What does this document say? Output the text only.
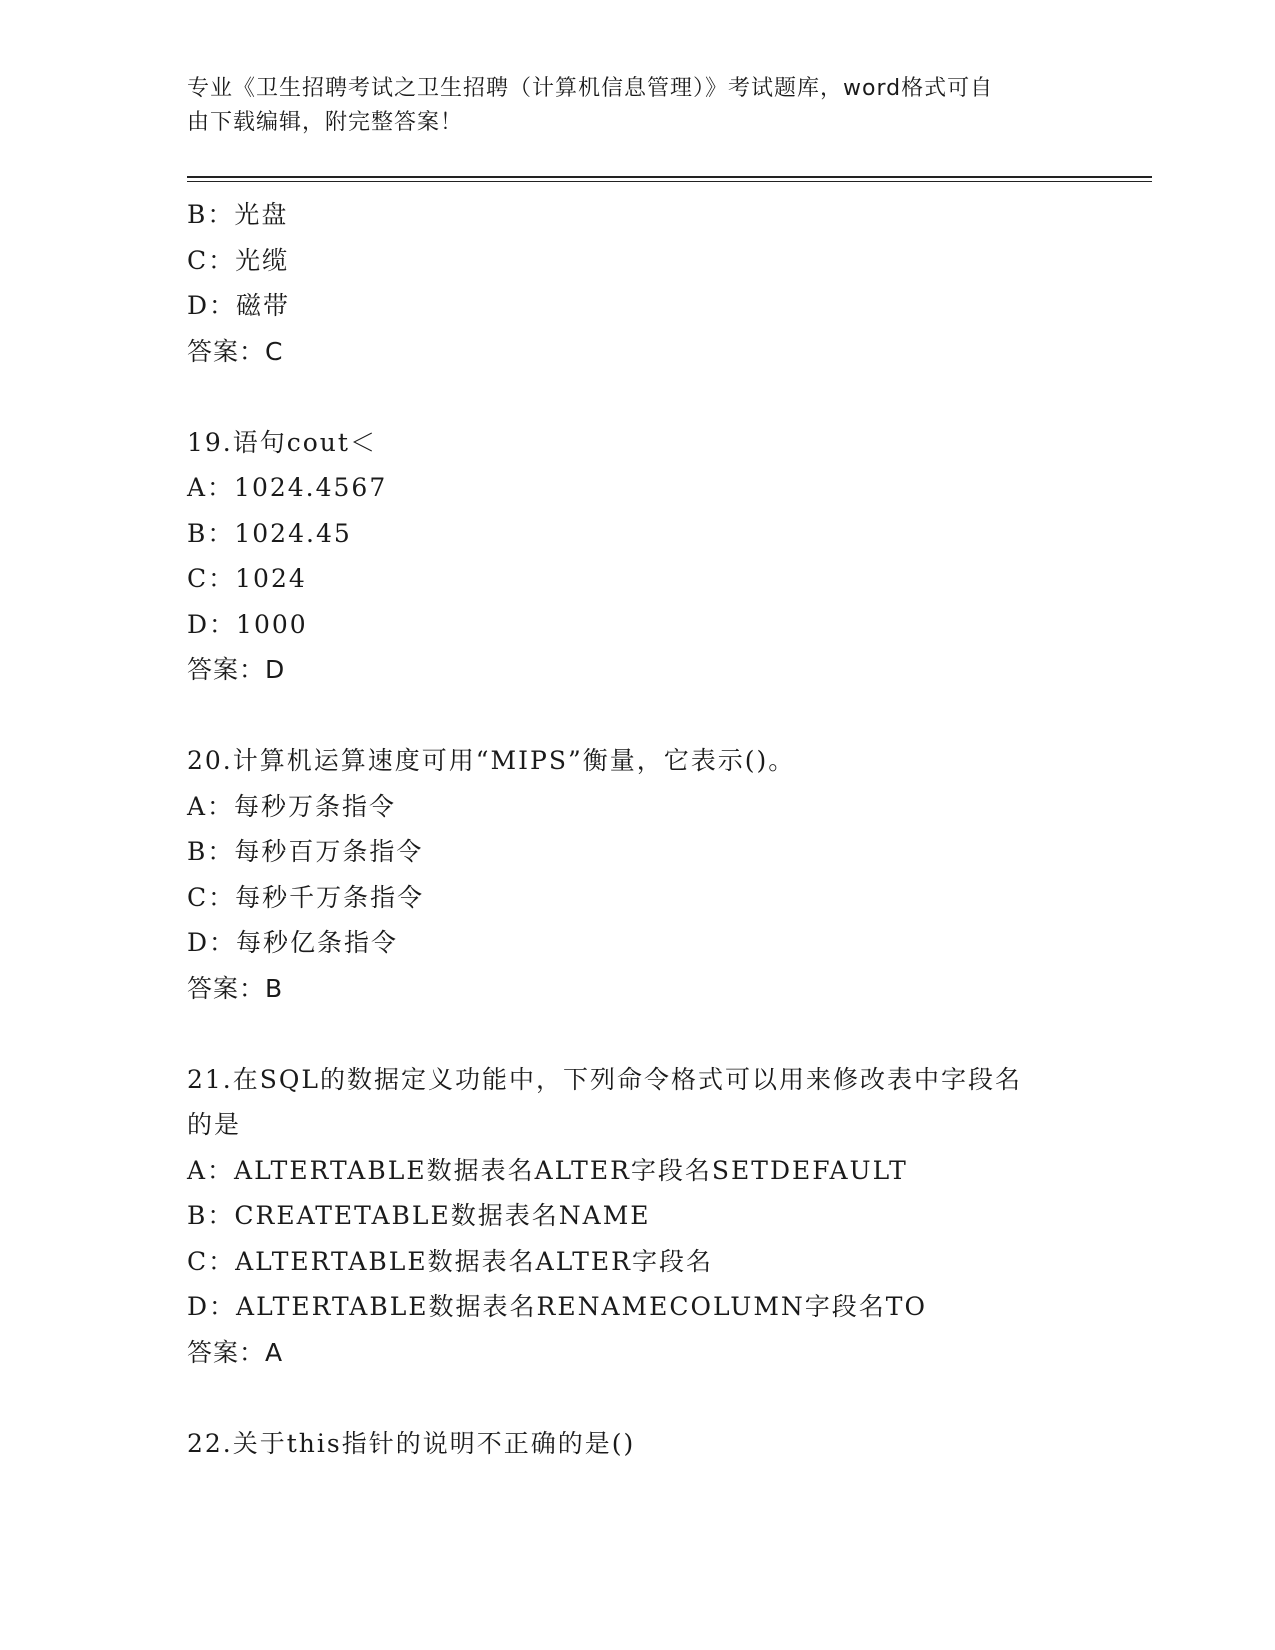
专业《卫生招聘考试之卫生招聘（计算机信息管理）》考试题库，word格式可自
由下载编辑，附完整答案！
B：光盘
C：光缆
D：磁带
答案：C
19.语句cout＜
A：1024.4567
B：1024.45
C：1024
D：1000
答案：D
20.计算机运算速度可用“MIPS”衡量，它表示()。
A：每秒万条指令
B：每秒百万条指令
C：每秒千万条指令
D：每秒亿条指令
答案：B
21.在SQL的数据定义功能中，下列命令格式可以用来修改表中字段名
的是
A：ALTERTABLE数据表名ALTER字段名SETDEFAULT
B：CREATETABLE数据表名NAME
C：ALTERTABLE数据表名ALTER字段名
D：ALTERTABLE数据表名RENAMECOLUMN字段名TO
答案：A
22.关于this指针的说明不正确的是()
